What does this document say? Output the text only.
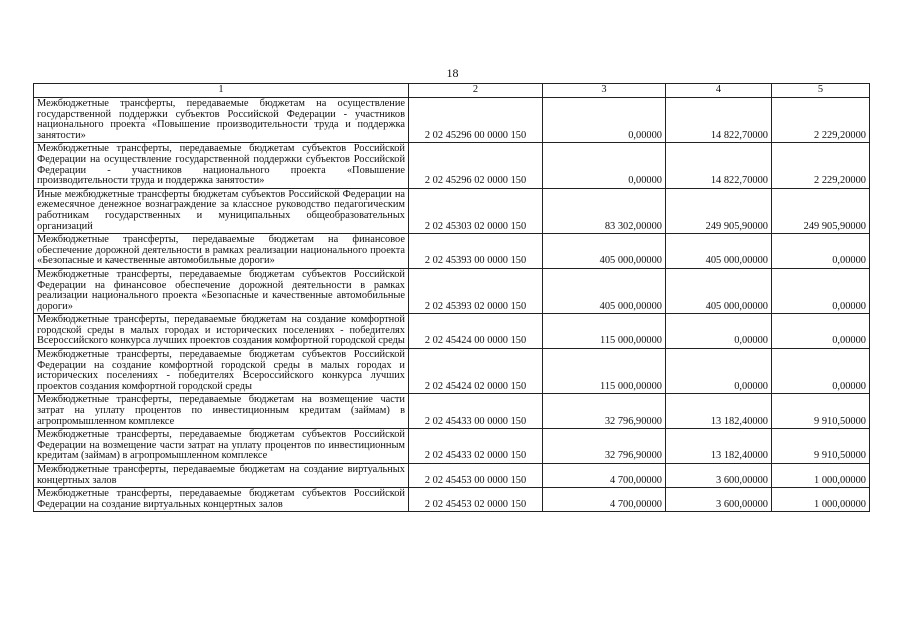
18
1	2	3	4	5
Межбюджетные трансферты, передаваемые бюджетам на осуществление государственной поддержки субъектов Российской Федерации - участников национального проекта «Повышение производительности труда и поддержка занятости»	2 02 45296 00 0000 150	0,00000	14 822,70000	2 229,20000
Межбюджетные трансферты, передаваемые бюджетам субъектов Российской Федерации на осуществление государственной поддержки субъектов Российской Федерации - участников национального проекта «Повышение производительности труда и поддержка занятости»	2 02 45296 02 0000 150	0,00000	14 822,70000	2 229,20000
Иные межбюджетные трансферты бюджетам субъектов Российской Федерации на ежемесячное денежное вознаграждение за классное руководство педагогическим работникам государственных и муниципальных общеобразовательных организаций	2 02 45303 02 0000 150	83 302,00000	249 905,90000	249 905,90000
Межбюджетные трансферты, передаваемые бюджетам на финансовое обеспечение дорожной деятельности в рамках реализации национального проекта «Безопасные и качественные автомобильные дороги»	2 02 45393 00 0000 150	405 000,00000	405 000,00000	0,00000
Межбюджетные трансферты, передаваемые бюджетам субъектов Российской Федерации на финансовое обеспечение дорожной деятельности в рамках реализации национального проекта «Безопасные и качественные автомобильные дороги»	2 02 45393 02 0000 150	405 000,00000	405 000,00000	0,00000
Межбюджетные трансферты, передаваемые бюджетам на создание комфортной городской среды в малых городах и исторических поселениях - победителях Всероссийского конкурса лучших проектов создания комфортной городской среды	2 02 45424 00 0000 150	115 000,00000	0,00000	0,00000
Межбюджетные трансферты, передаваемые бюджетам субъектов Российской Федерации на создание комфортной городской среды в малых городах и исторических поселениях - победителях Всероссийского конкурса лучших проектов создания комфортной городской среды	2 02 45424 02 0000 150	115 000,00000	0,00000	0,00000
Межбюджетные трансферты, передаваемые бюджетам на возмещение части затрат на уплату процентов по инвестиционным кредитам (займам) в агропромышленном комплексе	2 02 45433 00 0000 150	32 796,90000	13 182,40000	9 910,50000
Межбюджетные трансферты, передаваемые бюджетам субъектов Российской Федерации на возмещение части затрат на уплату процентов по инвестиционным кредитам (займам) в агропромышленном комплексе	2 02 45433 02 0000 150	32 796,90000	13 182,40000	9 910,50000
Межбюджетные трансферты, передаваемые бюджетам на создание виртуальных концертных залов	2 02 45453 00 0000 150	4 700,00000	3 600,00000	1 000,00000
Межбюджетные трансферты, передаваемые бюджетам субъектов Российской Федерации на создание виртуальных концертных залов	2 02 45453 02 0000 150	4 700,00000	3 600,00000	1 000,00000
